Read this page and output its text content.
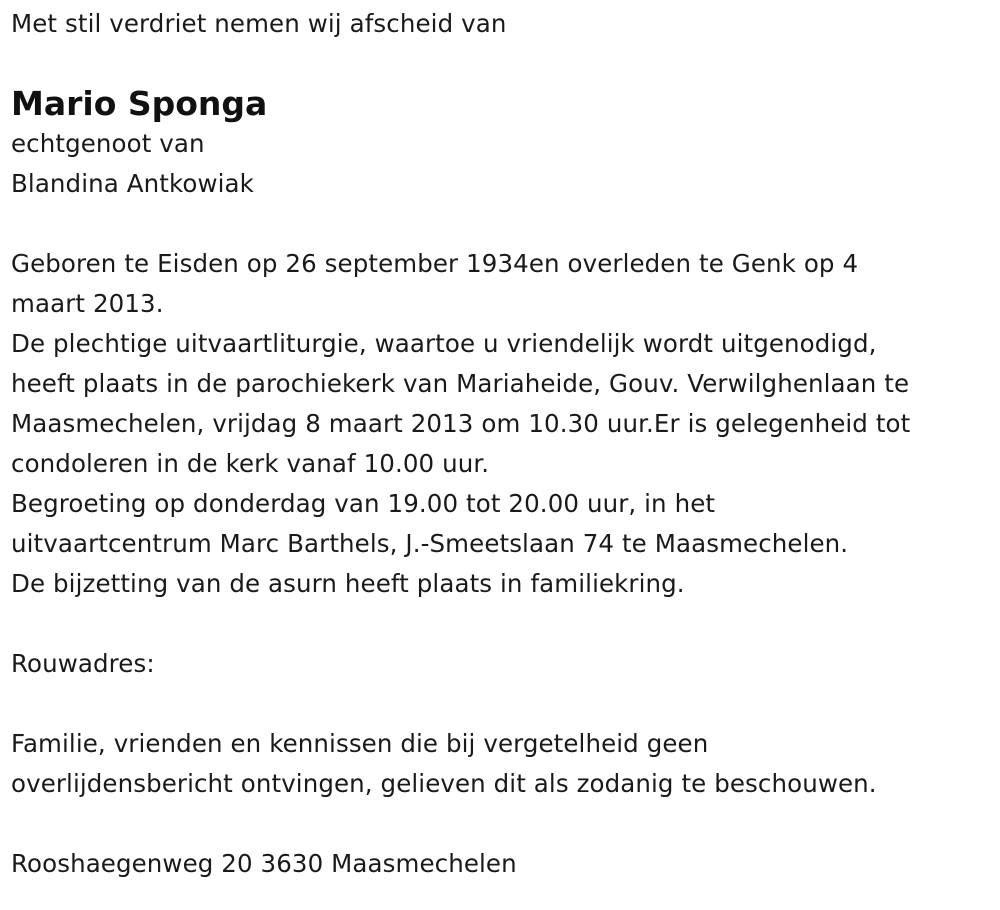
Met stil verdriet nemen wij afscheid van
Mario Sponga
echtgenoot van
Blandina Antkowiak
Geboren te Eisden op 26 september 1934en overleden te Genk op 4
maart 2013.
De plechtige uitvaartliturgie, waartoe u vriendelijk wordt uitgenodigd,
heeft plaats in de parochiekerk van Mariaheide, Gouv. Verwilghenlaan te
Maasmechelen, vrijdag 8 maart 2013 om 10.30 uur.Er is gelegenheid tot
condoleren in de kerk vanaf 10.00 uur.
Begroeting op donderdag van 19.00 tot 20.00 uur, in het
uitvaartcentrum Marc Barthels, J.-Smeetslaan 74 te Maasmechelen.
De bijzetting van de asurn heeft plaats in familiekring.
Rouwadres:
Familie, vrienden en kennissen die bij vergetelheid geen
overlijdensbericht ontvingen, gelieven dit als zodanig te beschouwen.
Rooshaegenweg 20 3630 Maasmechelen
